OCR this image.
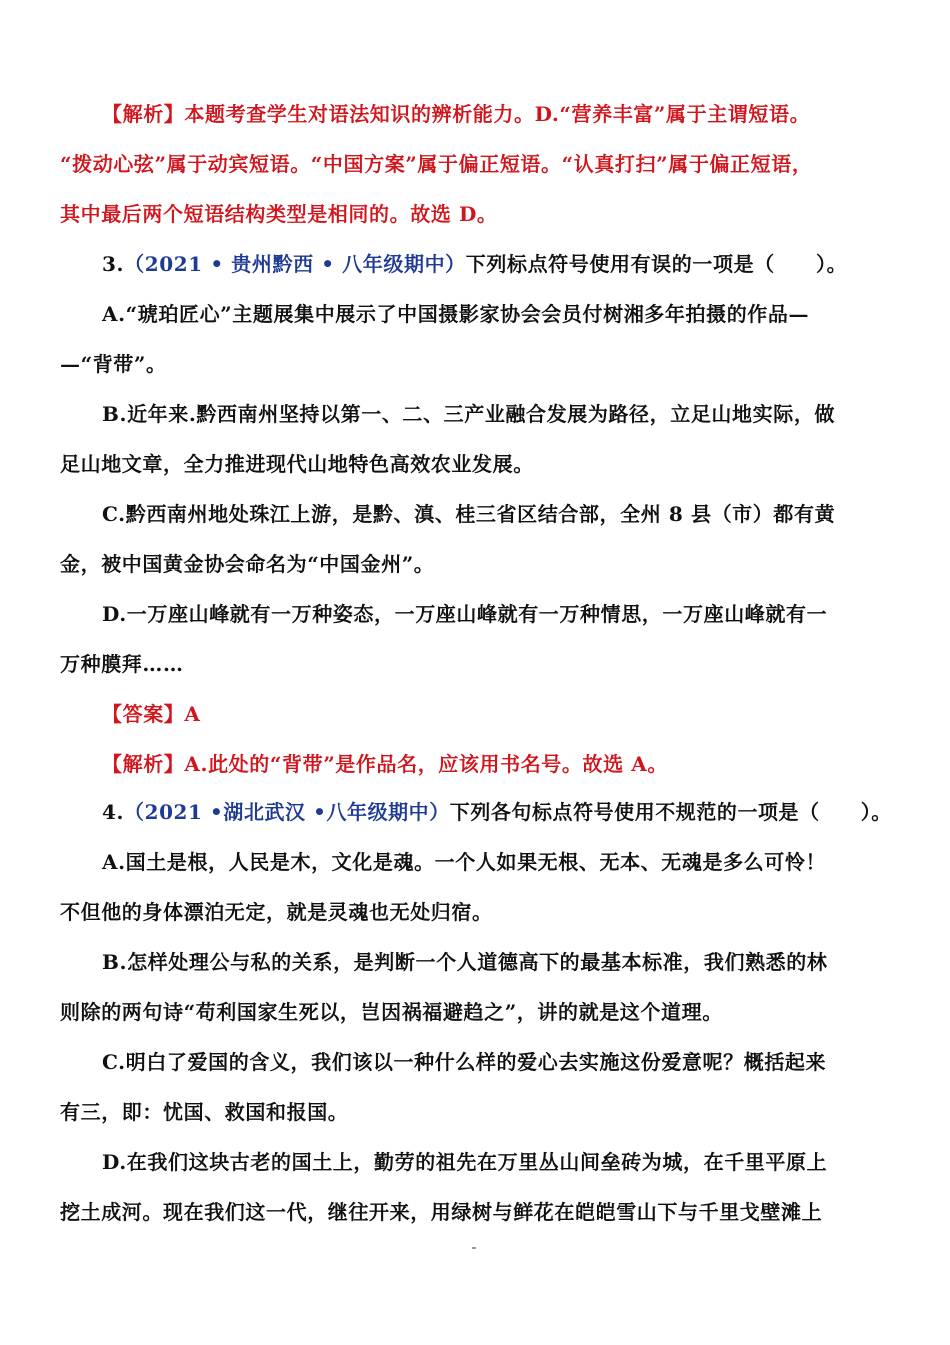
【解析】本题考查学生对语法知识的辨析能力。D.“营养丰富”属于主谓短语。
“拨动心弦”属于动宾短语。“中国方案”属于偏正短语。“认真打扫”属于偏正短语，
其中最后两个短语结构类型是相同的。故选 D。
3.（2021 • 贵州黔西 • 八年级期中）下列标点符号使用有误的一项是（　　）。
A.“琥珀匠心”主题展集中展示了中国摄影家协会会员付树湘多年拍摄的作品—
—“背带”。
B.近年来.黔西南州坚持以第一、二、三产业融合发展为路径，立足山地实际，做
足山地文章，全力推进现代山地特色高效农业发展。
C.黔西南州地处珠江上游，是黔、滇、桂三省区结合部，全州 8 县（市）都有黄
金，被中国黄金协会命名为“中国金州”。
D.一万座山峰就有一万种姿态，一万座山峰就有一万种情思，一万座山峰就有一
万种膜拜……
【答案】A
【解析】A.此处的“背带”是作品名，应该用书名号。故选 A。
4.（2021 •湖北武汉 •八年级期中）下列各句标点符号使用不规范的一项是（　　）。
A.国土是根，人民是木，文化是魂。一个人如果无根、无本、无魂是多么可怜！
不但他的身体漂泊无定，就是灵魂也无处归宿。
B.怎样处理公与私的关系，是判断一个人道德高下的最基本标准，我们熟悉的林
则除的两句诗“苟利国家生死以，岂因祸福避趋之”，讲的就是这个道理。
C.明白了爱国的含义，我们该以一种什么样的爱心去实施这份爱意呢？概括起来
有三，即：忧国、救国和报国。
D.在我们这块古老的国土上，勤劳的祖先在万里丛山间垒砖为城，在千里平原上
挖土成河。现在我们这一代，继往开来，用绿树与鲜花在皑皑雪山下与千里戈壁滩上
